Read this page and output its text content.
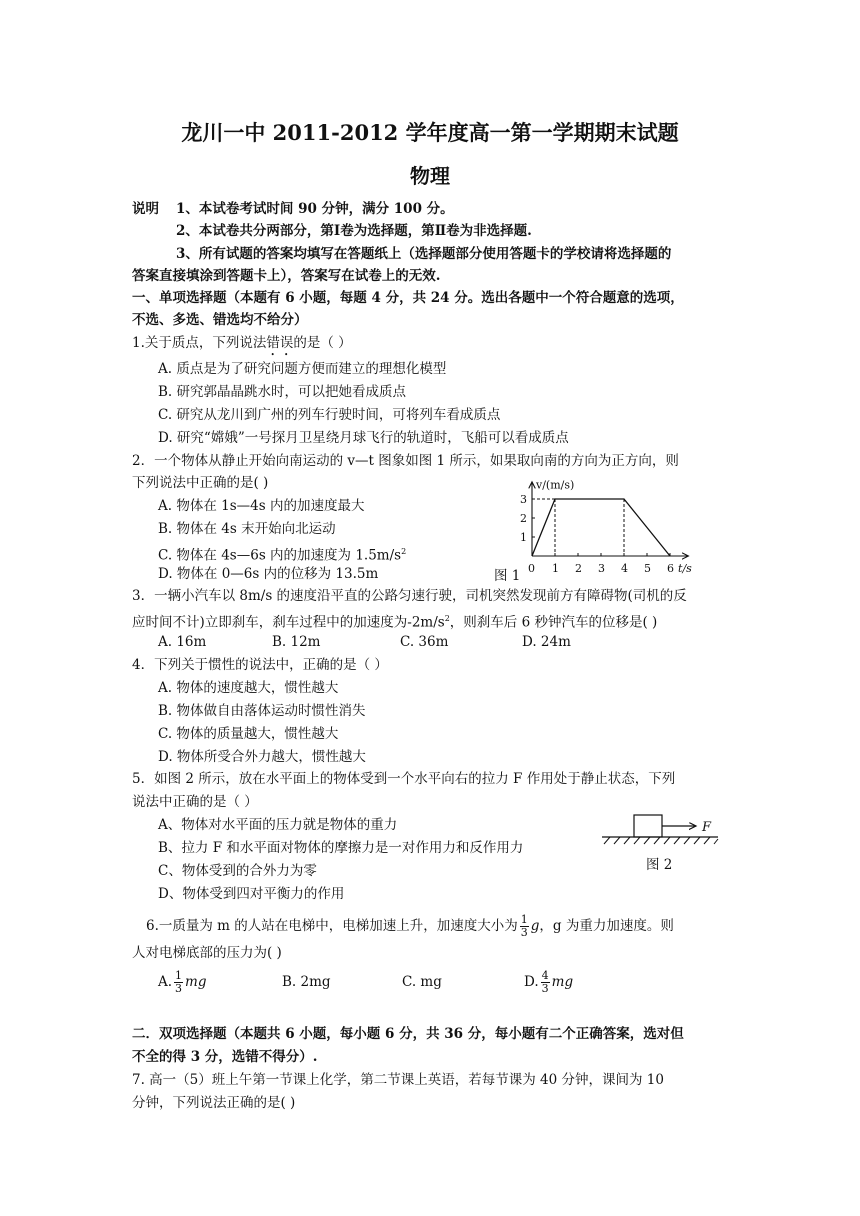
龙川一中 2011-2012 学年度高一第一学期期末试题
物理
说明 1、本试卷考试时间 90 分钟，满分 100 分。
2、本试卷共分两部分，第Ⅰ卷为选择题，第Ⅱ卷为非选择题.
3、所有试题的答案均填写在答题纸上（选择题部分使用答题卡的学校请将选择题的
答案直接填涂到答题卡上），答案写在试卷上的无效.
一、单项选择题（本题有 6 小题，每题 4 分，共 24 分。选出各题中一个符合题意的选项，
不选、多选、错选均不给分）
1.关于质点，下列说法错误的是（ ）
A. 质点是为了研究问题方便而建立的理想化模型
B. 研究郭晶晶跳水时，可以把她看成质点
C. 研究从龙川到广州的列车行驶时间，可将列车看成质点
D. 研究“嫦娥”一号探月卫星绕月球飞行的轨道时，飞船可以看成质点
2．一个物体从静止开始向南运动的 v—t 图象如图 1 所示，如果取向南的方向为正方向，则
下列说法中正确的是( )
A. 物体在 1s—4s 内的加速度最大
B. 物体在 4s 末开始向北运动
C. 物体在 4s—6s 内的加速度为 $1.5m/s^2$
D. 物体在 0—6s 内的位移为 13.5m
v/(m/s)
t/s
0 1 2 3 4 5 6
1
2
3
图 1
3．一辆小汽车以 8m/s 的速度沿平直的公路匀速行驶，司机突然发现前方有障碍物(司机的反
应时间不计)立即刹车，刹车过程中的加速度为$-2m/s^2$，则刹车后 6 秒钟汽车的位移是( )
A. 16m	B. 12m	C. 36m	D. 24m
4．下列关于惯性的说法中，正确的是（ ）
A. 物体的速度越大，惯性越大
B. 物体做自由落体运动时惯性消失
C. 物体的质量越大，惯性越大
D. 物体所受合外力越大，惯性越大
5．如图 2 所示，放在水平面上的物体受到一个水平向右的拉力 F 作用处于静止状态，下列
说法中正确的是（ ）
A、物体对水平面的压力就是物体的重力
B、拉力 F 和水平面对物体的摩擦力是一对作用力和反作用力
C、物体受到的合外力为零
D、物体受到四对平衡力的作用
F
图 2
6.一质量为 m 的人站在电梯中，电梯加速上升，加速度大小为 $\frac{1}{3}$ g，g 为重力加速度。则
人对电梯底部的压力为( )
A. $\frac{1}{3}$ mg	B. 2mg	C. mg	D. $\frac{4}{3}$ mg
二．双项选择题（本题共 6 小题，每小题 6 分，共 36 分，每小题有二个正确答案，选对但
不全的得 3 分，选错不得分）.
7. 高一（5）班上午第一节课上化学，第二节课上英语，若每节课为 40 分钟，课间为 10
分钟，下列说法正确的是( )
